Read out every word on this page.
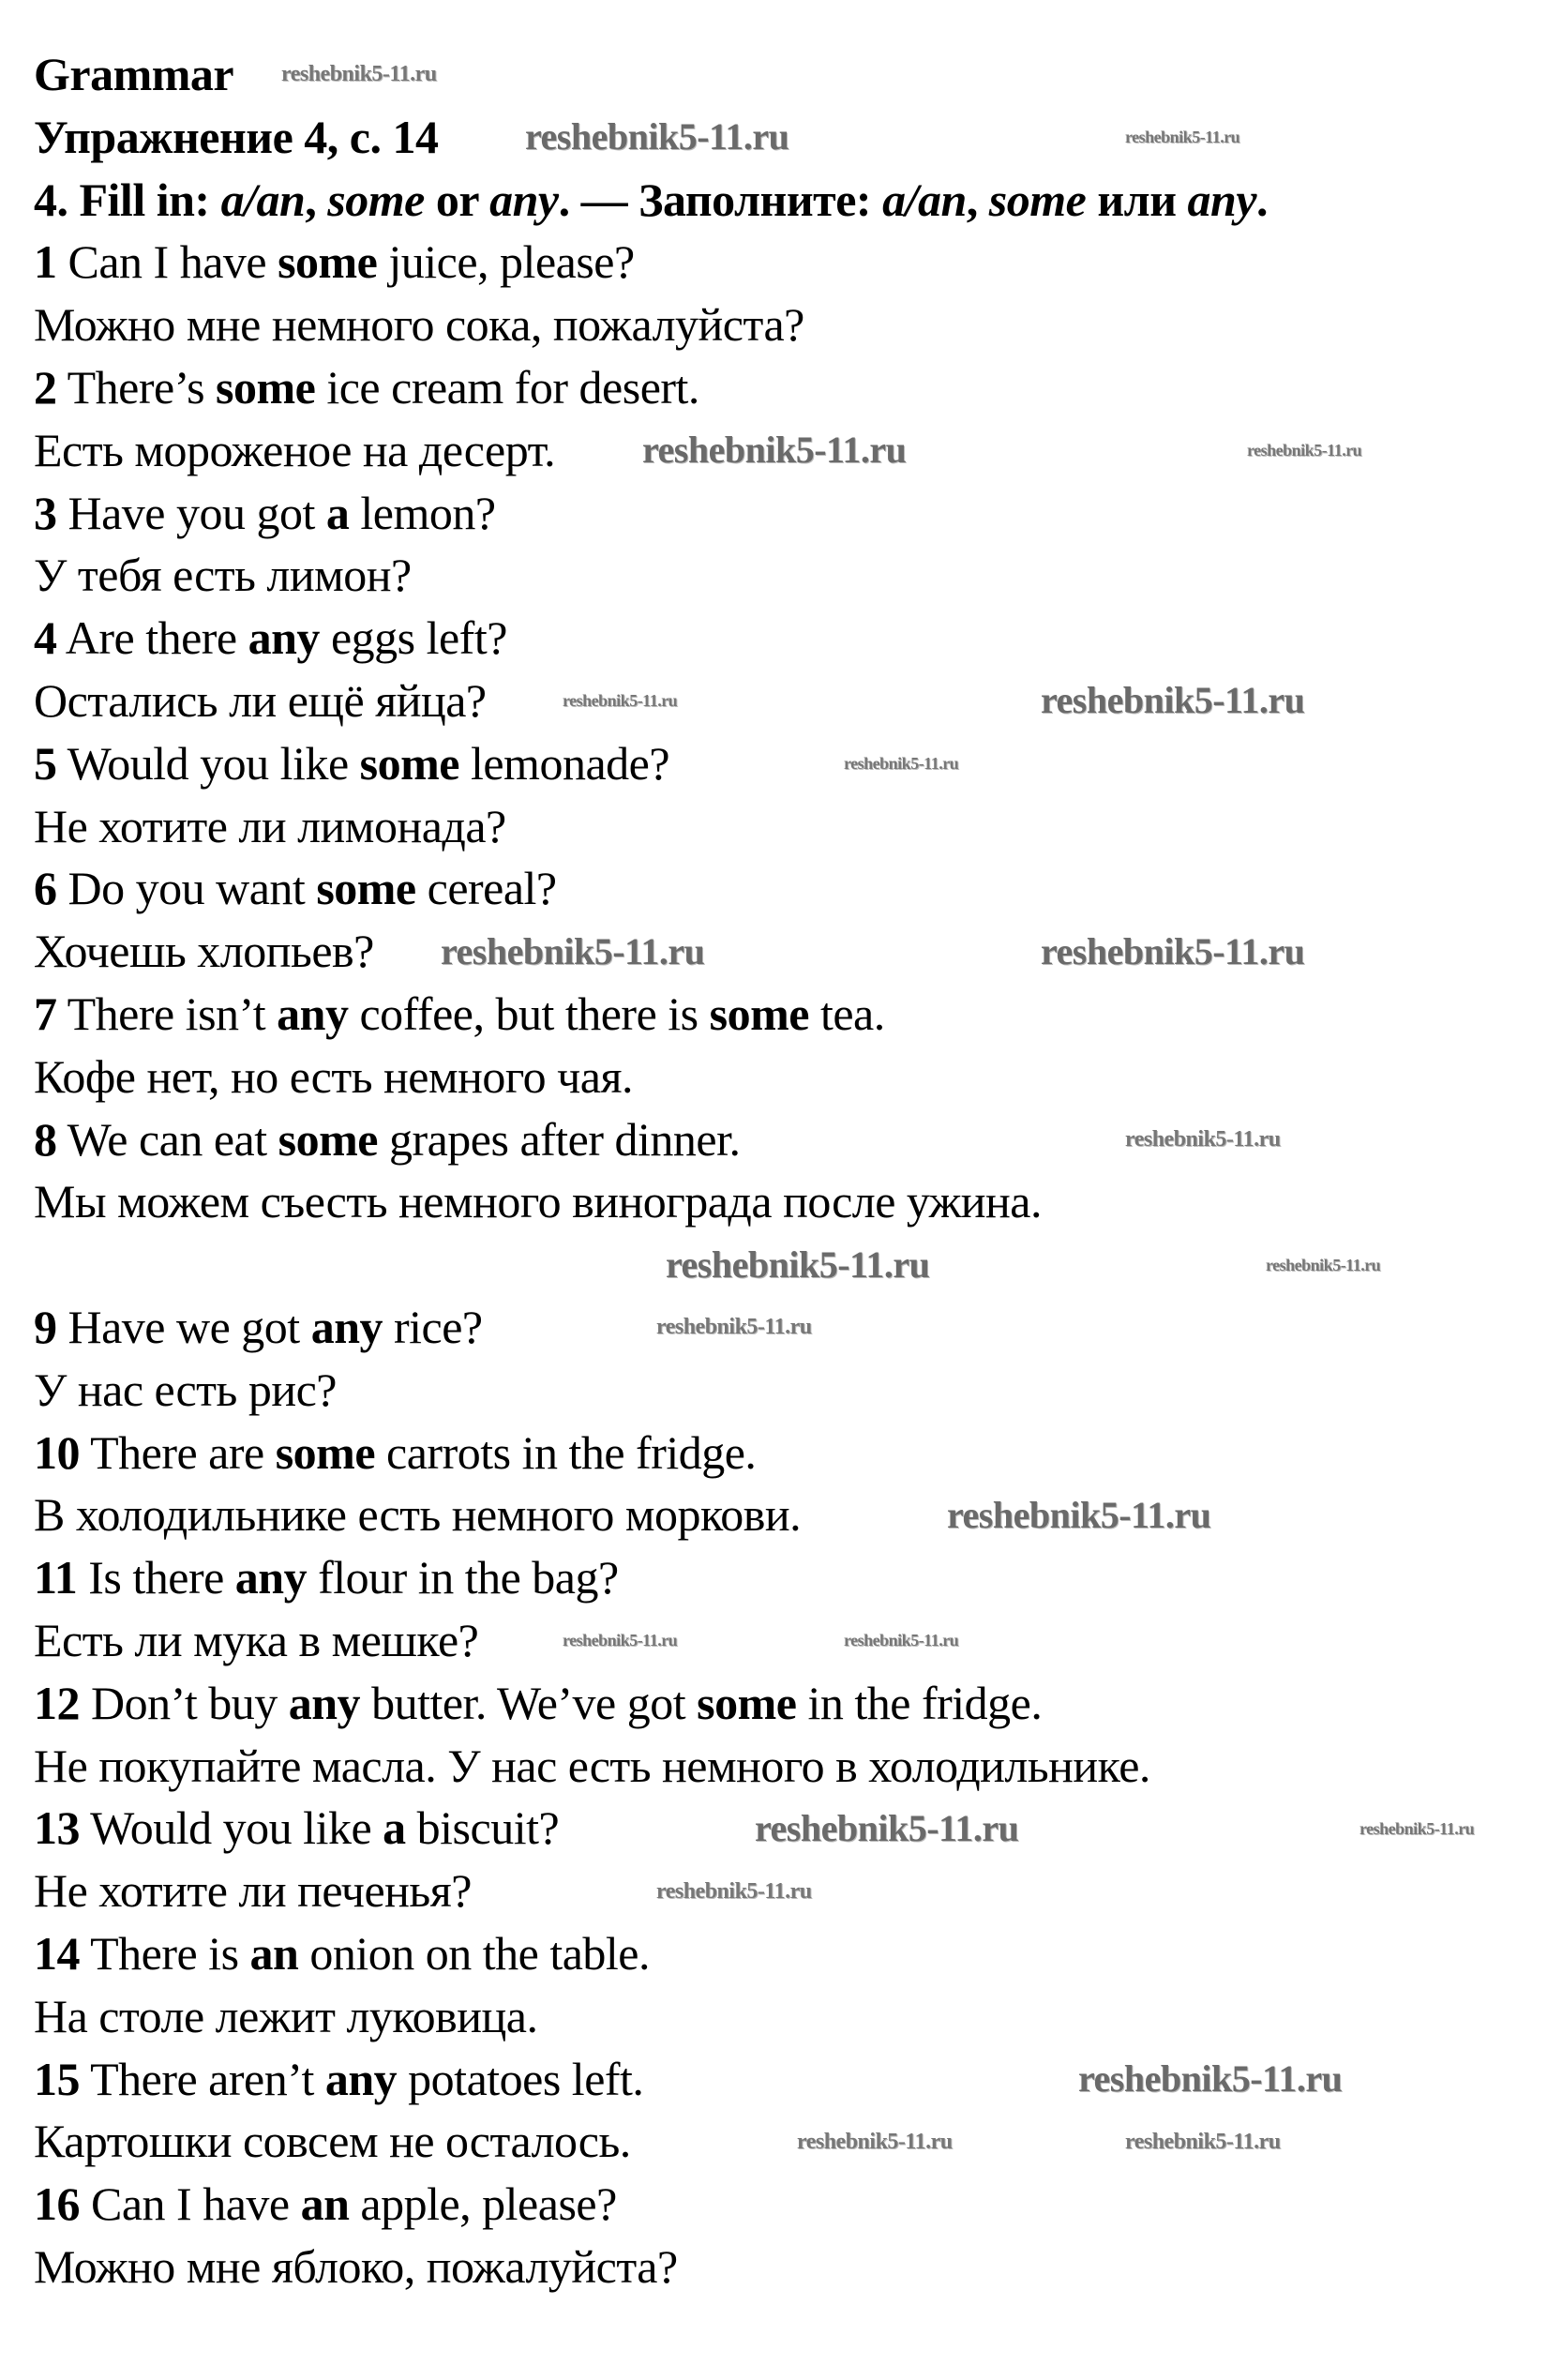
Grammar
Упражнение 4, с. 14
4. Fill in: a/an, some or any. — Заполните: a/an, some или any.
1 Can I have some juice, please?
Можно мне немного сока, пожалуйста?
2 There’s some ice cream for desert.
Есть мороженое на десерт.
3 Have you got a lemon?
У тебя есть лимон?
4 Are there any eggs left?
Остались ли ещё яйца?
5 Would you like some lemonade?
Не хотите ли лимонада?
6 Do you want some cereal?
Хочешь хлопьев?
7 There isn’t any coffee, but there is some tea.
Кофе нет, но есть немного чая.
8 We can eat some grapes after dinner.
Мы можем съесть немного винограда после ужина.
9 Have we got any rice?
У нас есть рис?
10 There are some carrots in the fridge.
В холодильнике есть немного моркови.
11 Is there any flour in the bag?
Есть ли мука в мешке?
12 Don’t buy any butter. We’ve got some in the fridge.
Не покупайте масла. У нас есть немного в холодильнике.
13 Would you like a biscuit?
Не хотите ли печенья?
14 There is an onion on the table.
На столе лежит луковица.
15 There aren’t any potatoes left.
Картошки совсем не осталось.
16 Can I have an apple, please?
Можно мне яблоко, пожалуйста?
reshebnik5-11.ru
reshebnik5-11.ru	reshebnik5-11.ru
reshebnik5-11.ru	reshebnik5-11.ru
reshebnik5-11.ru	reshebnik5-11.ru
reshebnik5-11.ru
reshebnik5-11.ru	reshebnik5-11.ru
reshebnik5-11.ru
reshebnik5-11.ru	reshebnik5-11.ru
reshebnik5-11.ru
reshebnik5-11.ru
reshebnik5-11.ru	reshebnik5-11.ru
reshebnik5-11.ru	reshebnik5-11.ru
reshebnik5-11.ru
reshebnik5-11.ru
reshebnik5-11.ru	reshebnik5-11.ru
